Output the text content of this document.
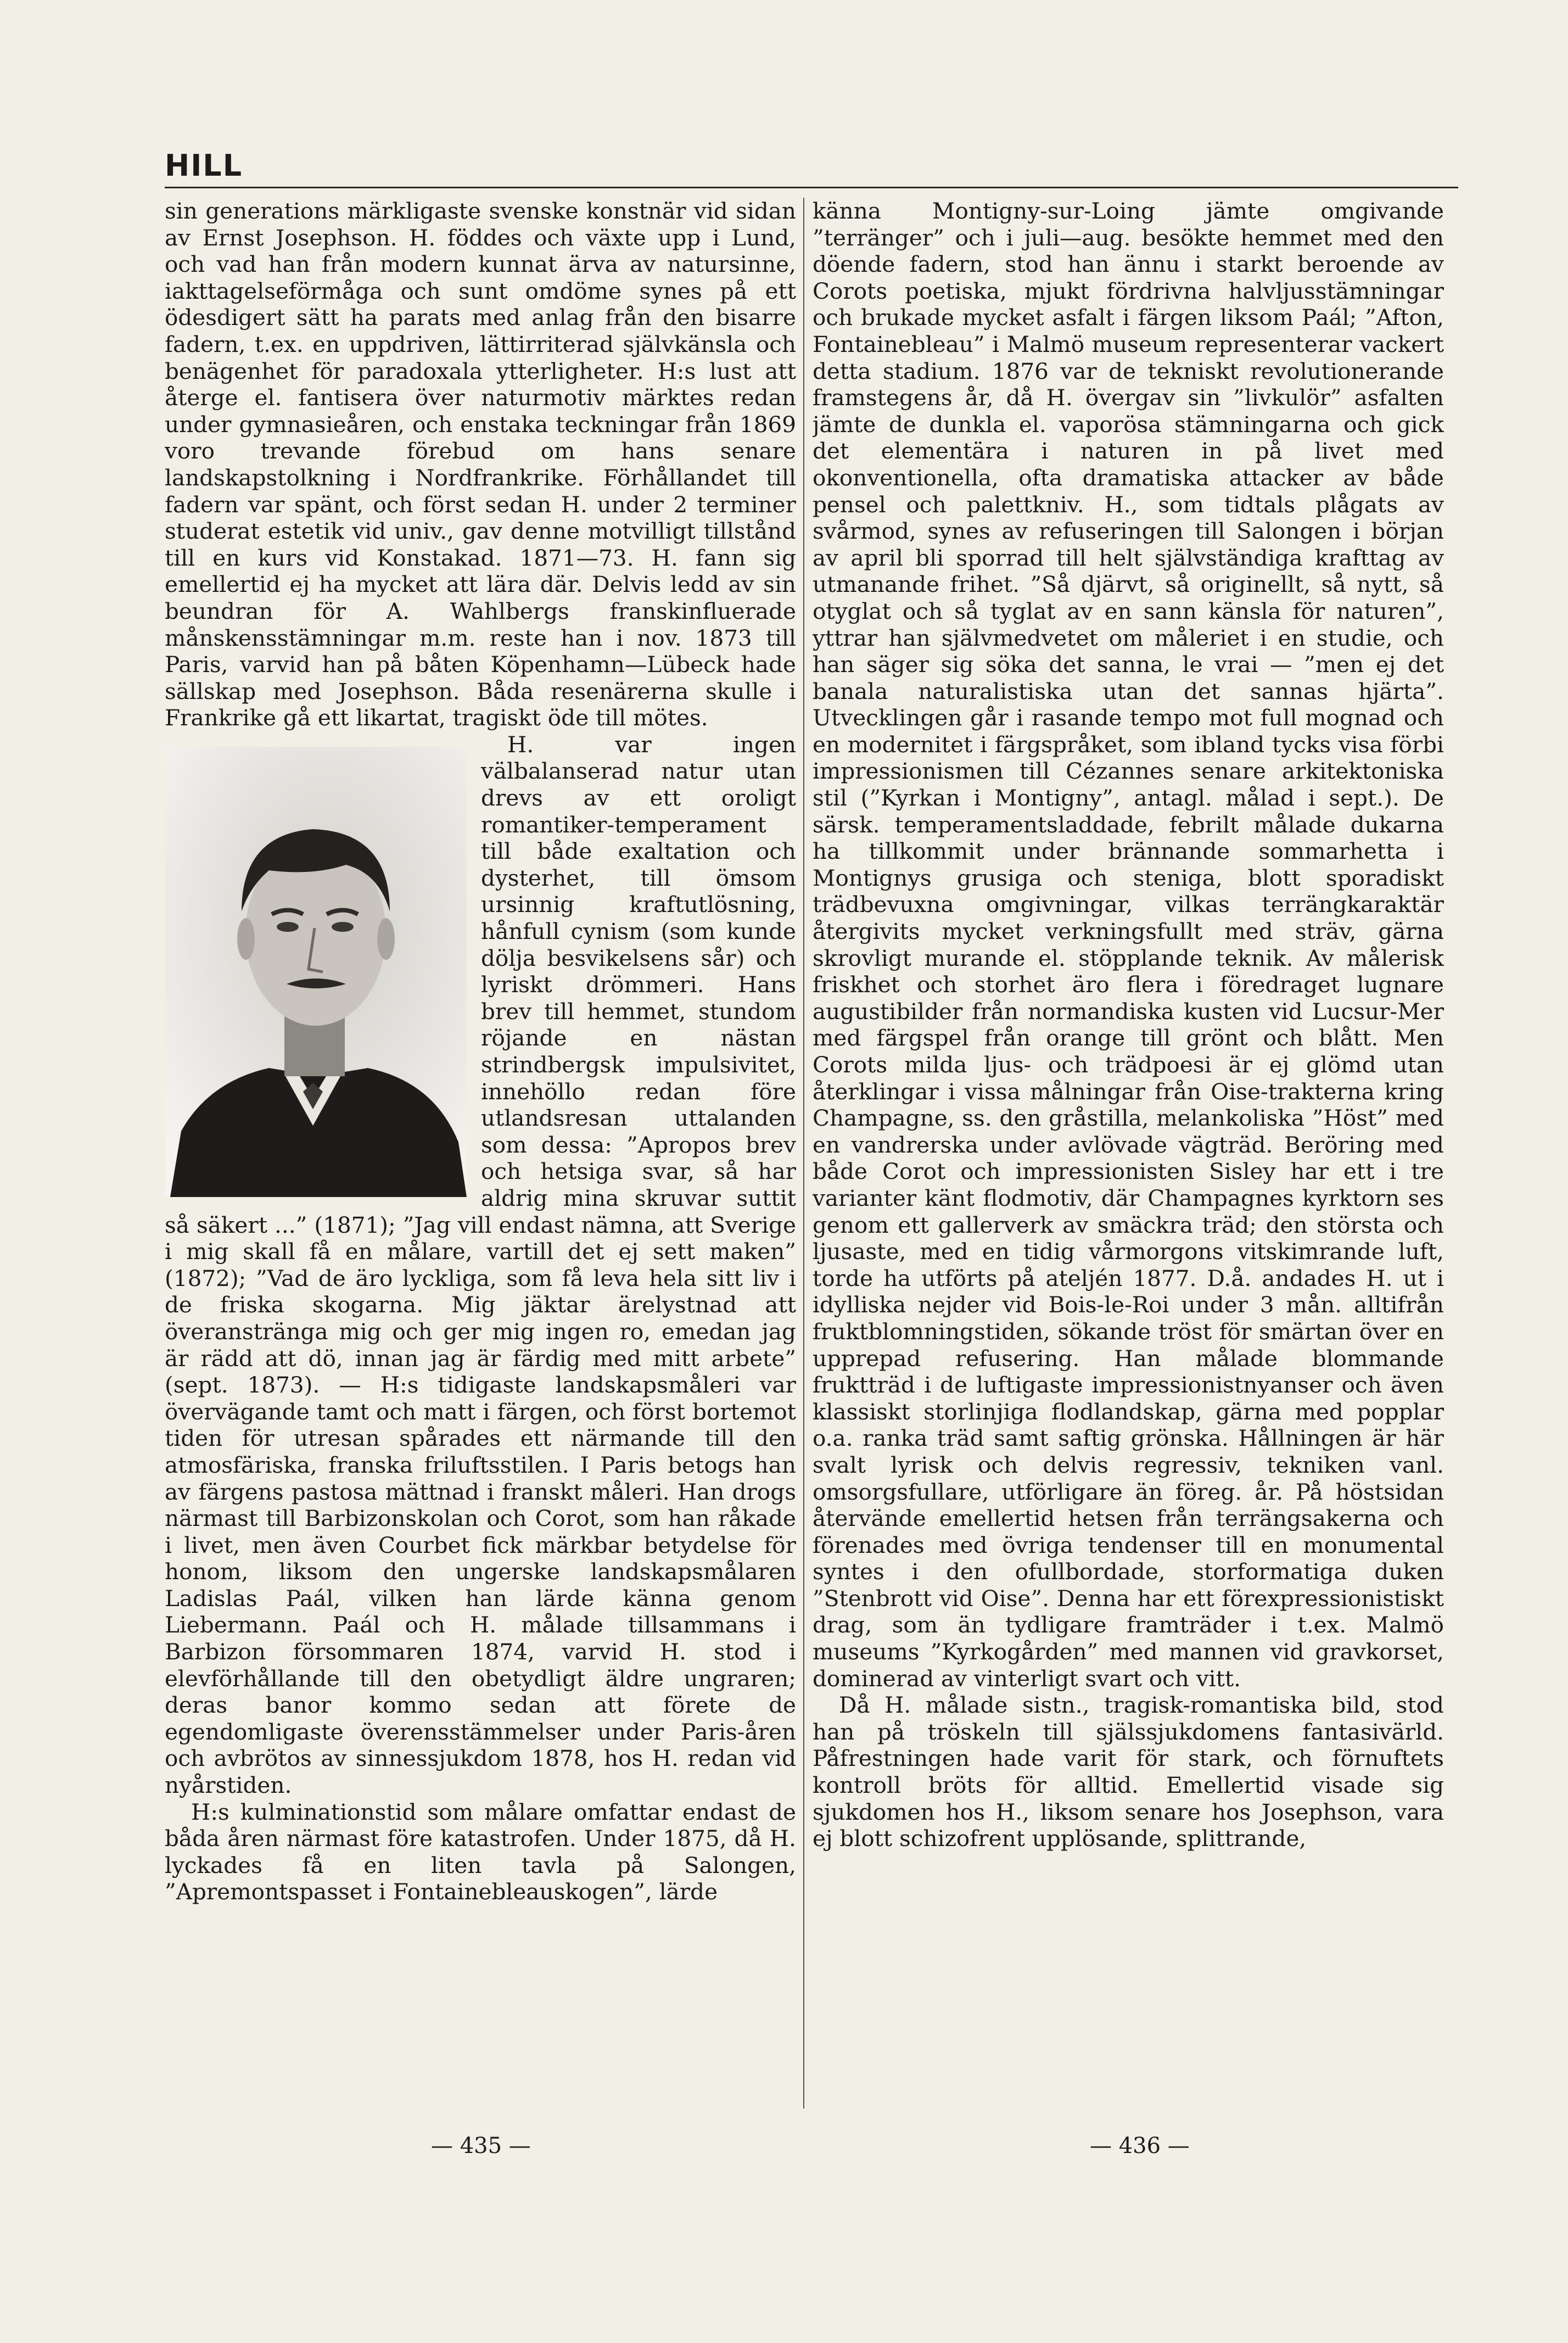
HILL

sin generations märkligaste svenske konstnär vid sidan av Ernst Josephson. H. föddes och växte upp i Lund, och vad han från modern kunnat ärva av natursinne, iakttagelseförmåga och sunt omdöme synes på ett ödesdigert sätt ha parats med anlag från den bisarre fadern, t.ex. en uppdriven, lättirriterad självkänsla och benägenhet för paradoxala ytterligheter. H:s lust att återge el. fantisera över naturmotiv märktes redan under gymnasieåren, och enstaka teckningar från 1869 voro trevande förebud om hans senare landskapstolkning i Nordfrankrike. Förhållandet till fadern var spänt, och först sedan H. under 2 terminer studerat estetik vid univ., gav denne motvilligt tillstånd till en kurs vid Konstakad. 1871—73. H. fann sig emellertid ej ha mycket att lära där. Delvis ledd av sin beundran för A. Wahlbergs franskinfluerade månskensstämningar m.m. reste han i nov. 1873 till Paris, varvid han på båten Köpenhamn—Lübeck hade sällskap med Josephson. Båda resenärerna skulle i Frankrike gå ett likartat, tragiskt öde till mötes.

H. var ingen välbalanserad natur utan drevs av ett oroligt romantiker-temperament till både exaltation och dysterhet, till ömsom ursinnig kraftutlösning, hånfull cynism (som kunde dölja besvikelsens sår) och lyriskt drömmeri. Hans brev till hemmet, stundom röjande en nästan strindbergsk impulsivitet, innehöllo redan före utlandsresan uttalanden som dessa: ”Apropos brev och hetsiga svar, så har aldrig mina skruvar suttit så säkert ...” (1871); ”Jag vill endast nämna, att Sverige i mig skall få en målare, vartill det ej sett maken” (1872); ”Vad de äro lyckliga, som få leva hela sitt liv i de friska skogarna. Mig jäktar ärelystnad att överanstränga mig och ger mig ingen ro, emedan jag är rädd att dö, innan jag är färdig med mitt arbete” (sept. 1873). — H:s tidigaste landskapsmåleri var övervägande tamt och matt i färgen, och först bortemot tiden för utresan spårades ett närmande till den atmosfäriska, franska friluftsstilen. I Paris betogs han av färgens pastosa mättnad i franskt måleri. Han drogs närmast till Barbizonskolan och Corot, som han råkade i livet, men även Courbet fick märkbar betydelse för honom, liksom den ungerske landskapsmålaren Ladislas Paál, vilken han lärde känna genom Liebermann. Paál och H. målade tillsammans i Barbizon försommaren 1874, varvid H. stod i elevförhållande till den obetydligt äldre ungraren; deras banor kommo sedan att förete de egendomligaste överensstämmelser under Paris-åren och avbrötos av sinnessjukdom 1878, hos H. redan vid nyårstiden.

H:s kulminationstid som målare omfattar endast de båda åren närmast före katastrofen. Under 1875, då H. lyckades få en liten tavla på Salongen, ”Apremontspasset i Fontainebleauskogen”, lärde

känna Montigny-sur-Loing jämte omgivande ”terränger” och i juli—aug. besökte hemmet med den döende fadern, stod han ännu i starkt beroende av Corots poetiska, mjukt fördrivna halvljusstämningar och brukade mycket asfalt i färgen liksom Paál; ”Afton, Fontainebleau” i Malmö museum representerar vackert detta stadium. 1876 var de tekniskt revolutionerande framstegens år, då H. övergav sin ”livkulör” asfalten jämte de dunkla el. vaporösa stämningarna och gick det elementära i naturen in på livet med okonventionella, ofta dramatiska attacker av både pensel och palettkniv. H., som tidtals plågats av svårmod, synes av refuseringen till Salongen i början av april bli sporrad till helt självständiga krafttag av utmanande frihet. ”Så djärvt, så originellt, så nytt, så otyglat och så tyglat av en sann känsla för naturen”, yttrar han självmedvetet om måleriet i en studie, och han säger sig söka det sanna, le vrai — ”men ej det banala naturalistiska utan det sannas hjärta”. Utvecklingen går i rasande tempo mot full mognad och en modernitet i färgspråket, som ibland tycks visa förbi impressionismen till Cézannes senare arkitektoniska stil (”Kyrkan i Montigny”, antagl. målad i sept.). De särsk. temperamentsladdade, febrilt målade dukarna ha tillkommit under brännande sommarhetta i Montignys grusiga och steniga, blott sporadiskt trädbevuxna omgivningar, vilkas terrängkaraktär återgivits mycket verkningsfullt med sträv, gärna skrovligt murande el. stöpplande teknik. Av målerisk friskhet och storhet äro flera i föredraget lugnare augustibilder från normandiska kusten vid Lucsur-Mer med färgspel från orange till grönt och blått. Men Corots milda ljus- och trädpoesi är ej glömd utan återklingar i vissa målningar från Oise-trakterna kring Champagne, ss. den gråstilla, melankoliska ”Höst” med en vandrerska under avlövade vägträd. Beröring med både Corot och impressionisten Sisley har ett i tre varianter känt flodmotiv, där Champagnes kyrktorn ses genom ett gallerverk av smäckra träd; den största och ljusaste, med en tidig vårmorgons vitskimrande luft, torde ha utförts på ateljén 1877. D.å. andades H. ut i idylliska nejder vid Bois-le-Roi under 3 mån. alltifrån fruktblomningstiden, sökande tröst för smärtan över en upprepad refusering. Han målade blommande fruktträd i de luftigaste impressionistnyanser och även klassiskt storlinjiga flodlandskap, gärna med popplar o.a. ranka träd samt saftig grönska. Hållningen är här svalt lyrisk och delvis regressiv, tekniken vanl. omsorgsfullare, utförligare än föreg. år. På höstsidan återvände emellertid hetsen från terrängsakerna och förenades med övriga tendenser till en monumental syntes i den ofullbordade, storformatiga duken ”Stenbrott vid Oise”. Denna har ett förexpressionistiskt drag, som än tydligare framträder i t.ex. Malmö museums ”Kyrkogården” med mannen vid gravkorset, dominerad av vinterligt svart och vitt.

Då H. målade sistn., tragisk-romantiska bild, stod han på tröskeln till själssjukdomens fantasivärld. Påfrestningen hade varit för stark, och förnuftets kontroll bröts för alltid. Emellertid visade sig sjukdomen hos H., liksom senare hos Josephson, vara ej blott schizofrent upplösande, splittrande,

— 435 —	— 436 —
